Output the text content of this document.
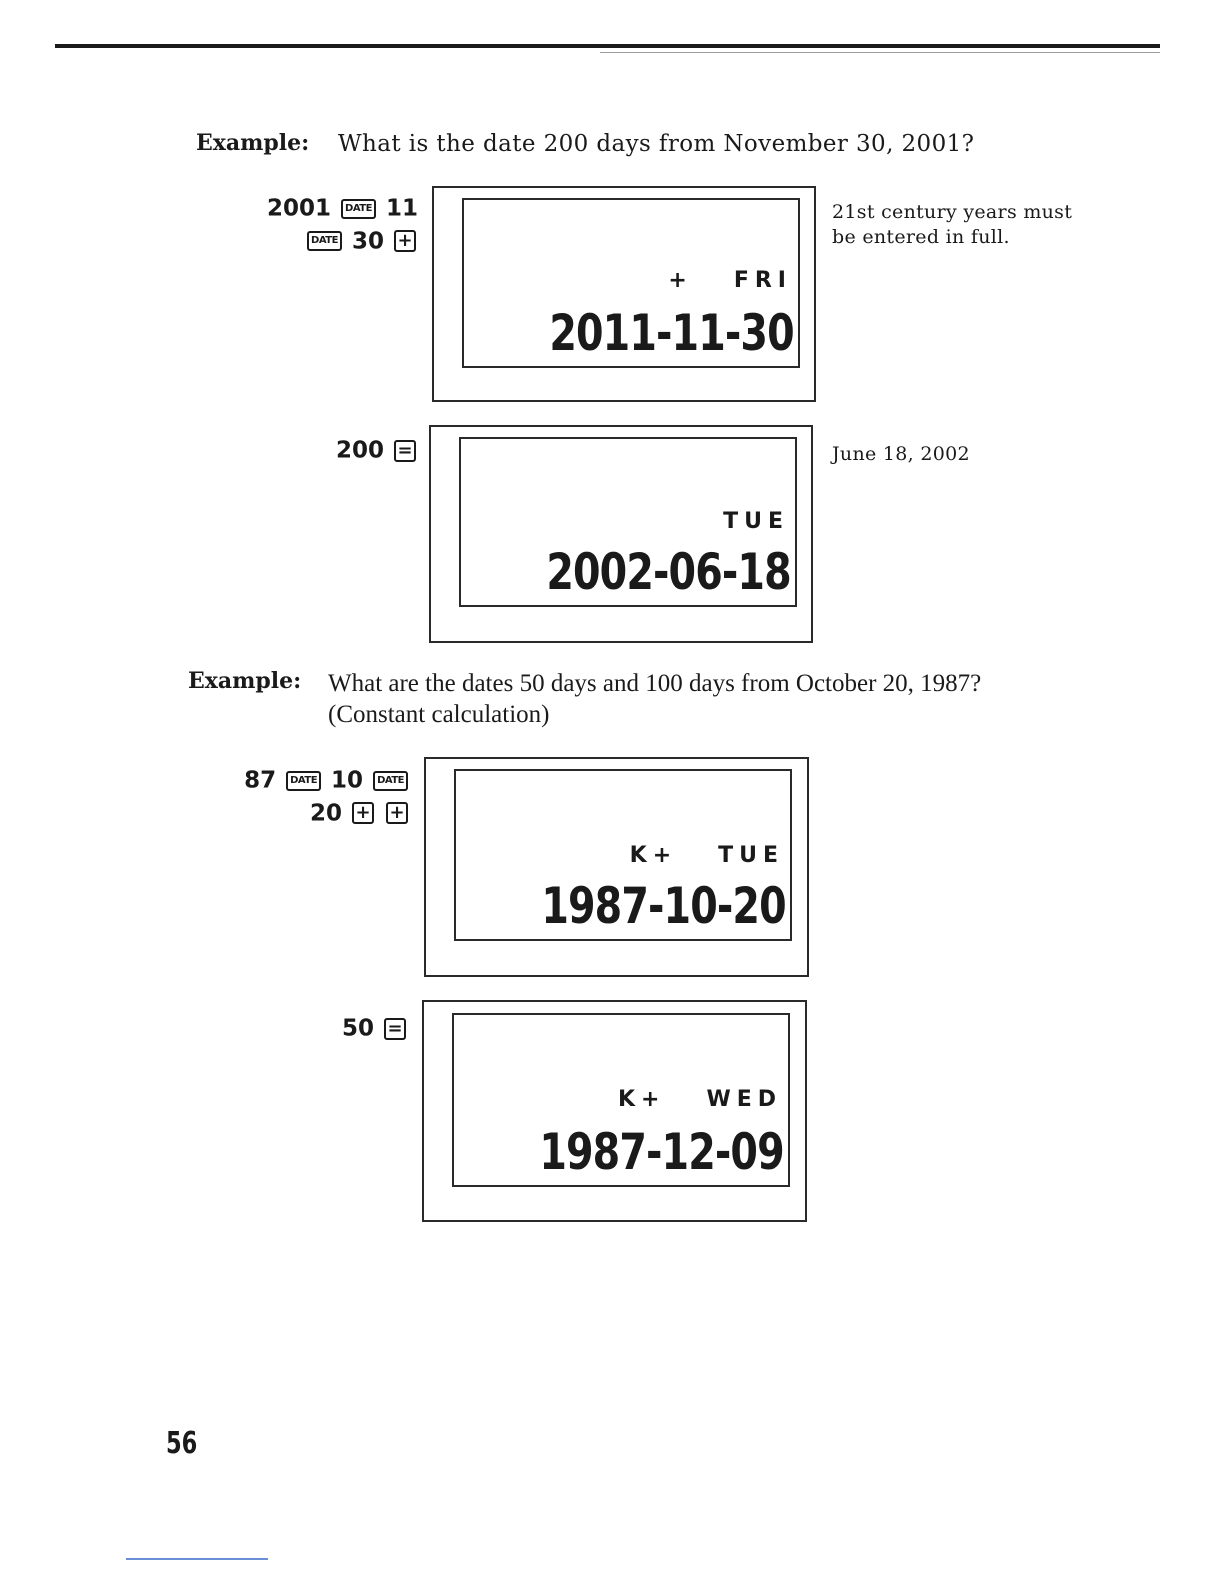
Example: What is the date 200 days from November 30, 2001?
2001 DATE 11
DATE 30 +
+   FRI
2011-11-30
21st century years must
be entered in full.
200 =
TUE
2002-06-18
June 18, 2002
Example: What are the dates 50 days and 100 days from October 20, 1987?
(Constant calculation)
87 DATE 10 DATE
20 + +
K+   TUE
1987-10-20
50 =
K+   WED
1987-12-09
56
